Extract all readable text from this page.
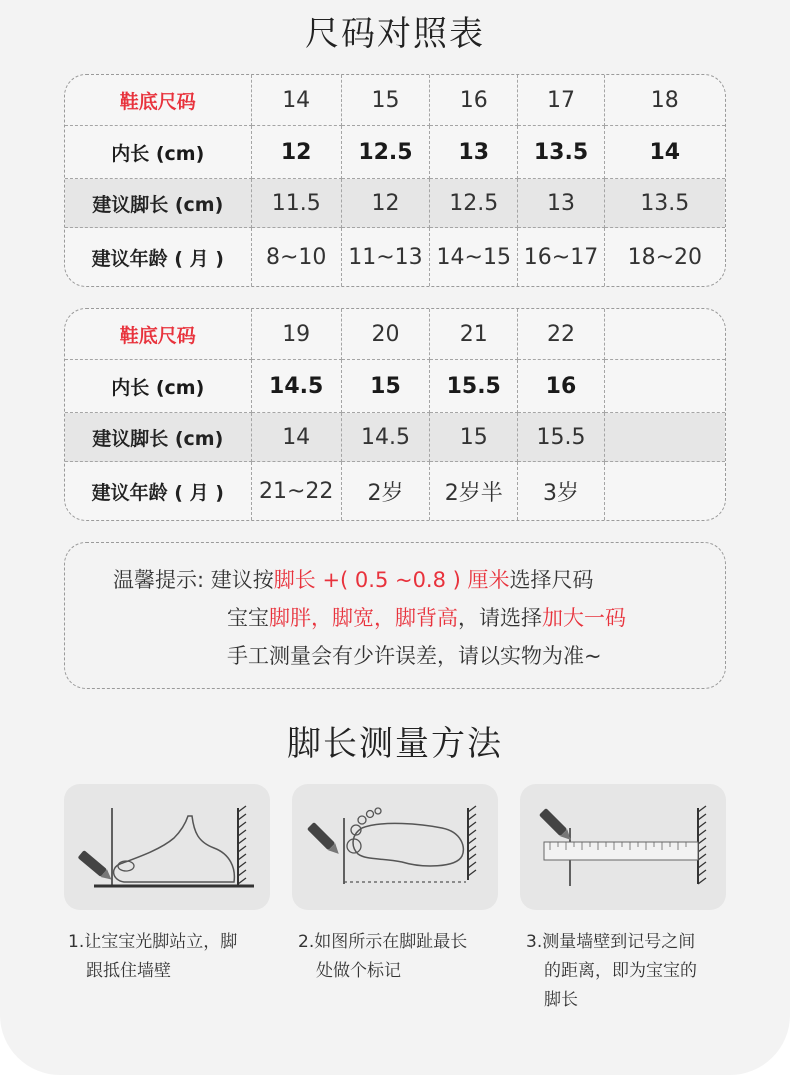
尺码对照表
鞋底尺码	14	15	16	17	18
内长 (cm)	12	12.5	13	13.5	14
建议脚长 (cm)	11.5	12	12.5	13	13.5
建议年龄 ( 月 )	8~10	11~13	14~15	16~17	18~20
鞋底尺码	19	20	21	22	
内长 (cm)	14.5	15	15.5	16	
建议脚长 (cm)	14	14.5	15	15.5	
建议年龄 ( 月 )	21~22	2岁	2岁半	3岁	
温馨提示: 建议按脚长 +( 0.5 ~0.8 ) 厘米选择尺码
宝宝脚胖，脚宽，脚背高，请选择加大一码
手工测量会有少许误差，请以实物为准~
脚长测量方法
1.让宝宝光脚站立，脚
跟抵住墙壁
2.如图所示在脚趾最长
处做个标记
3.测量墙壁到记号之间
的距离，即为宝宝的
脚长
